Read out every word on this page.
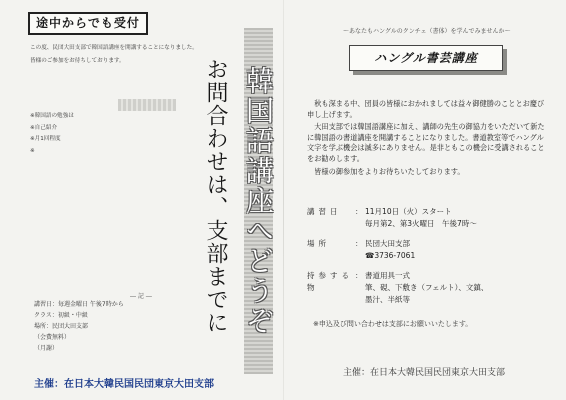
途中からでも受付

この度、民団大田支部で韓国語講座を開講することになりました。

皆様のご参加をお待ちしております。

※韓国語の勉強は

※自己紹介

※月1回程度

※

― 記 ―
講習日：毎週金曜日 午後7時から
クラス：初級・中級
場所：民団大田支部
（会費無料）
（月謝）
主催：在日本大韓民国民団東京大田支部
お問合わせは、支部までに 韓国語講座へどうぞ
～あなたもハングルのクンチェ（書体）を学んでみませんか～
ハングル書芸講座

秋も深まる中、団員の皆様におかれましては益々御健勝のこととお慶び申し上げます。

大田支部では韓国語講座に加え、講師の先生の御協力をいただいて新たに韓国語の書道講座を開講することになりました。書道教室等でハングル文字を学ぶ機会は滅多にありません。是非ともこの機会に受講されることをお勧めします。

皆様の御参加をよりお待ちいたしております。

講習日	： 11月10日（火）スタート
毎月第2、第3火曜日　午後7時～
場所	： 民団大田支部
☎3736-7061
持参する物
： 書道用具一式
筆、硯、下敷き（フェルト）、文鎮、
墨汁、半紙等
※申込及び問い合わせは支部にお願いいたします。
主催：在日本大韓民国民団東京大田支部
